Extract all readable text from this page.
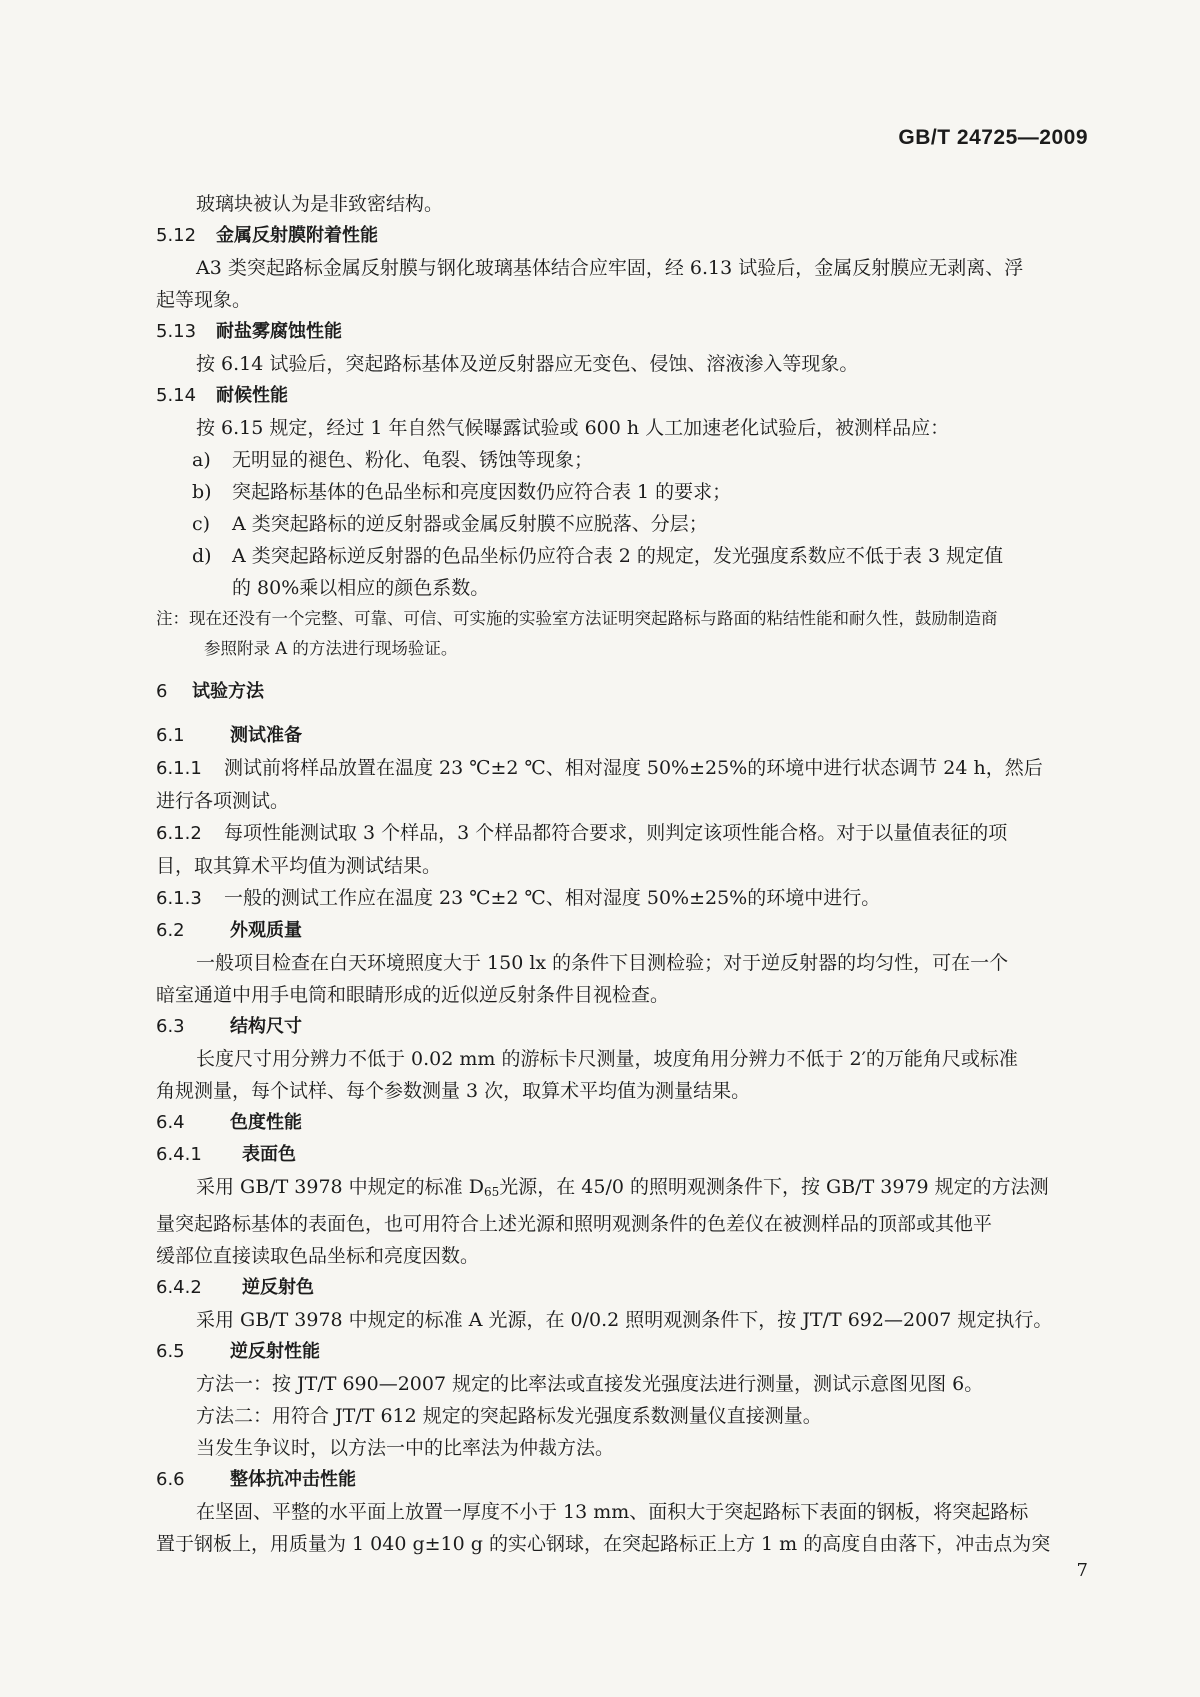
GB/T 24725—2009
玻璃块被认为是非致密结构。
5.12 金属反射膜附着性能
A3 类突起路标金属反射膜与钢化玻璃基体结合应牢固，经 6.13 试验后，金属反射膜应无剥离、浮
起等现象。
5.13 耐盐雾腐蚀性能
按 6.14 试验后，突起路标基体及逆反射器应无变色、侵蚀、溶液渗入等现象。
5.14 耐候性能
按 6.15 规定，经过 1 年自然气候曝露试验或 600 h 人工加速老化试验后，被测样品应：
a) 无明显的褪色、粉化、龟裂、锈蚀等现象；
b) 突起路标基体的色品坐标和亮度因数仍应符合表 1 的要求；
c) A 类突起路标的逆反射器或金属反射膜不应脱落、分层；
d) A 类突起路标逆反射器的色品坐标仍应符合表 2 的规定，发光强度系数应不低于表 3 规定值
的 80%乘以相应的颜色系数。
注：现在还没有一个完整、可靠、可信、可实施的实验室方法证明突起路标与路面的粘结性能和耐久性，鼓励制造商
参照附录 A 的方法进行现场验证。
6 试验方法
6.1	测试准备
6.1.1 测试前将样品放置在温度 23 ℃±2 ℃、相对湿度 50%±25%的环境中进行状态调节 24 h，然后
进行各项测试。
6.1.2 每项性能测试取 3 个样品，3 个样品都符合要求，则判定该项性能合格。对于以量值表征的项
目，取其算术平均值为测试结果。
6.1.3 一般的测试工作应在温度 23 ℃±2 ℃、相对湿度 50%±25%的环境中进行。
6.2	外观质量
一般项目检查在白天环境照度大于 150 lx 的条件下目测检验；对于逆反射器的均匀性，可在一个
暗室通道中用手电筒和眼睛形成的近似逆反射条件目视检查。
6.3	结构尺寸
长度尺寸用分辨力不低于 0.02 mm 的游标卡尺测量，坡度角用分辨力不低于 2′的万能角尺或标准
角规测量，每个试样、每个参数测量 3 次，取算术平均值为测量结果。
6.4	色度性能
6.4.1 表面色
采用 GB/T 3978 中规定的标准 $D_{65}$光源，在 45/0 的照明观测条件下，按 GB/T 3979 规定的方法测
量突起路标基体的表面色，也可用符合上述光源和照明观测条件的色差仪在被测样品的顶部或其他平
缓部位直接读取色品坐标和亮度因数。
6.4.2 逆反射色
采用 GB/T 3978 中规定的标准 A 光源，在 0/0.2 照明观测条件下，按 JT/T 692—2007 规定执行。
6.5	逆反射性能
方法一：按 JT/T 690—2007 规定的比率法或直接发光强度法进行测量，测试示意图见图 6。
方法二：用符合 JT/T 612 规定的突起路标发光强度系数测量仪直接测量。
当发生争议时，以方法一中的比率法为仲裁方法。
6.6	整体抗冲击性能
在坚固、平整的水平面上放置一厚度不小于 13 mm、面积大于突起路标下表面的钢板，将突起路标
置于钢板上，用质量为 1 040 g±10 g 的实心钢球，在突起路标正上方 1 m 的高度自由落下，冲击点为突
7
